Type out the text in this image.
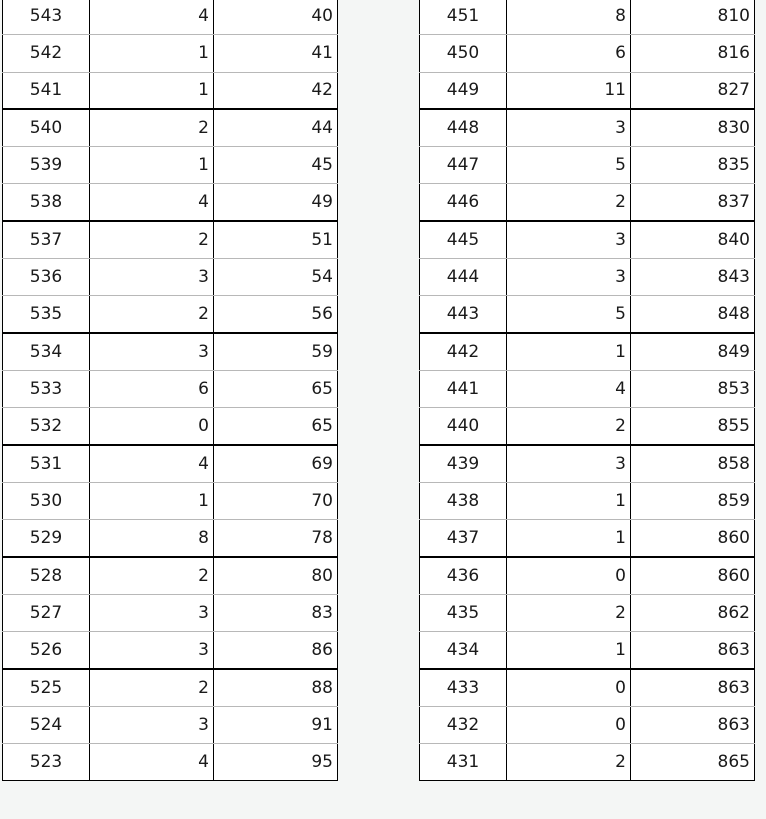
543	4	40
542	1	41
541	1	42
540	2	44
539	1	45
538	4	49
537	2	51
536	3	54
535	2	56
534	3	59
533	6	65
532	0	65
531	4	69
530	1	70
529	8	78
528	2	80
527	3	83
526	3	86
525	2	88
524	3	91
523	4	95
451	8	810
450	6	816
449	11	827
448	3	830
447	5	835
446	2	837
445	3	840
444	3	843
443	5	848
442	1	849
441	4	853
440	2	855
439	3	858
438	1	859
437	1	860
436	0	860
435	2	862
434	1	863
433	0	863
432	0	863
431	2	865
